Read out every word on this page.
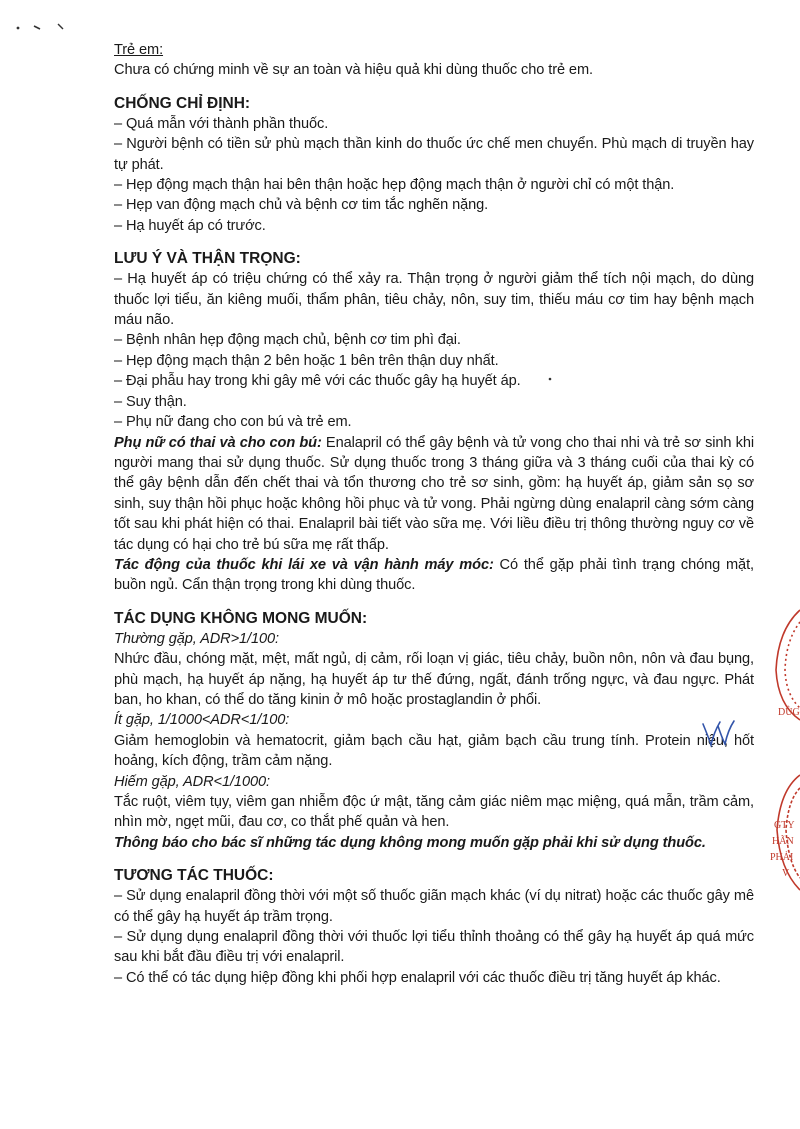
Trẻ em:

Chưa có chứng minh về sự an toàn và hiệu quả khi dùng thuốc cho trẻ em.

CHỐNG CHỈ ĐỊNH:

– Quá mẫn với thành phần thuốc.

– Người bệnh có tiền sử phù mạch thần kinh do thuốc ức chế men chuyển. Phù mạch di truyền hay tự phát.

– Hẹp động mạch thận hai bên thận hoặc hẹp động mạch thận ở người chỉ có một thận.

– Hẹp van động mạch chủ và bệnh cơ tim tắc nghẽn nặng.

– Hạ huyết áp có trước.

LƯU Ý VÀ THẬN TRỌNG:

– Hạ huyết áp có triệu chứng có thể xảy ra. Thận trọng ở người giảm thể tích nội mạch, do dùng thuốc lợi tiểu, ăn kiêng muối, thẩm phân, tiêu chảy, nôn, suy tim, thiếu máu cơ tim hay bệnh mạch máu não.

– Bệnh nhân hẹp động mạch chủ, bệnh cơ tim phì đại.

– Hẹp động mạch thận 2 bên hoặc 1 bên trên thận duy nhất.

– Đại phẫu hay trong khi gây mê với các thuốc gây hạ huyết áp.

– Suy thận.

– Phụ nữ đang cho con bú và trẻ em.

Phụ nữ có thai và cho con bú: Enalapril có thể gây bệnh và tử vong cho thai nhi và trẻ sơ sinh khi người mang thai sử dụng thuốc. Sử dụng thuốc trong 3 tháng giữa và 3 tháng cuối của thai kỳ có thể gây bệnh dẫn đến chết thai và tổn thương cho trẻ sơ sinh, gồm: hạ huyết áp, giảm sản sọ sơ sinh, suy thận hồi phục hoặc không hồi phục và tử vong. Phải ngừng dùng enalapril càng sớm càng tốt sau khi phát hiện có thai. Enalapril bài tiết vào sữa mẹ. Với liều điều trị thông thường nguy cơ về tác dụng có hại cho trẻ bú sữa mẹ rất thấp.

Tác động của thuốc khi lái xe và vận hành máy móc: Có thể gặp phải tình trạng chóng mặt, buồn ngủ. Cẩn thận trọng trong khi dùng thuốc.

TÁC DỤNG KHÔNG MONG MUỐN:

Thường gặp, ADR>1/100:

Nhức đầu, chóng mặt, mệt, mất ngủ, dị cảm, rối loạn vị giác, tiêu chảy, buồn nôn, nôn và đau bụng, phù mạch, hạ huyết áp nặng, hạ huyết áp tư thế đứng, ngất, đánh trống ngực, và đau ngực. Phát ban, ho khan, có thể do tăng kinin ở mô hoặc prostaglandin ở phổi.

Ít gặp, 1/1000<ADR<1/100:

Giảm hemoglobin và hematocrit, giảm bạch cầu hạt, giảm bạch cầu trung tính. Protein niệu, hốt hoảng, kích động, trầm cảm nặng.

Hiếm gặp, ADR<1/1000:

Tắc ruột, viêm tụy, viêm gan nhiễm độc ứ mật, tăng cảm giác niêm mạc miệng, quá mẫn, trầm cảm, nhìn mờ, ngẹt mũi, đau cơ, co thắt phế quản và hen.

Thông báo cho bác sĩ những tác dụng không mong muốn gặp phải khi sử dụng thuốc.

TƯƠNG TÁC THUỐC:

– Sử dụng enalapril đồng thời với một số thuốc giãn mạch khác (ví dụ nitrat) hoặc các thuốc gây mê có thể gây hạ huyết áp trầm trọng.

– Sử dụng dụng enalapril đồng thời với thuốc lợi tiểu thỉnh thoảng có thể gây hạ huyết áp quá mức sau khi bắt đầu điều trị với enalapril.

– Có thể có tác dụng hiệp đồng khi phối hợp enalapril với các thuốc điều trị tăng huyết áp khác.

DÙG
GTY
HÃN
PHẢI
V
